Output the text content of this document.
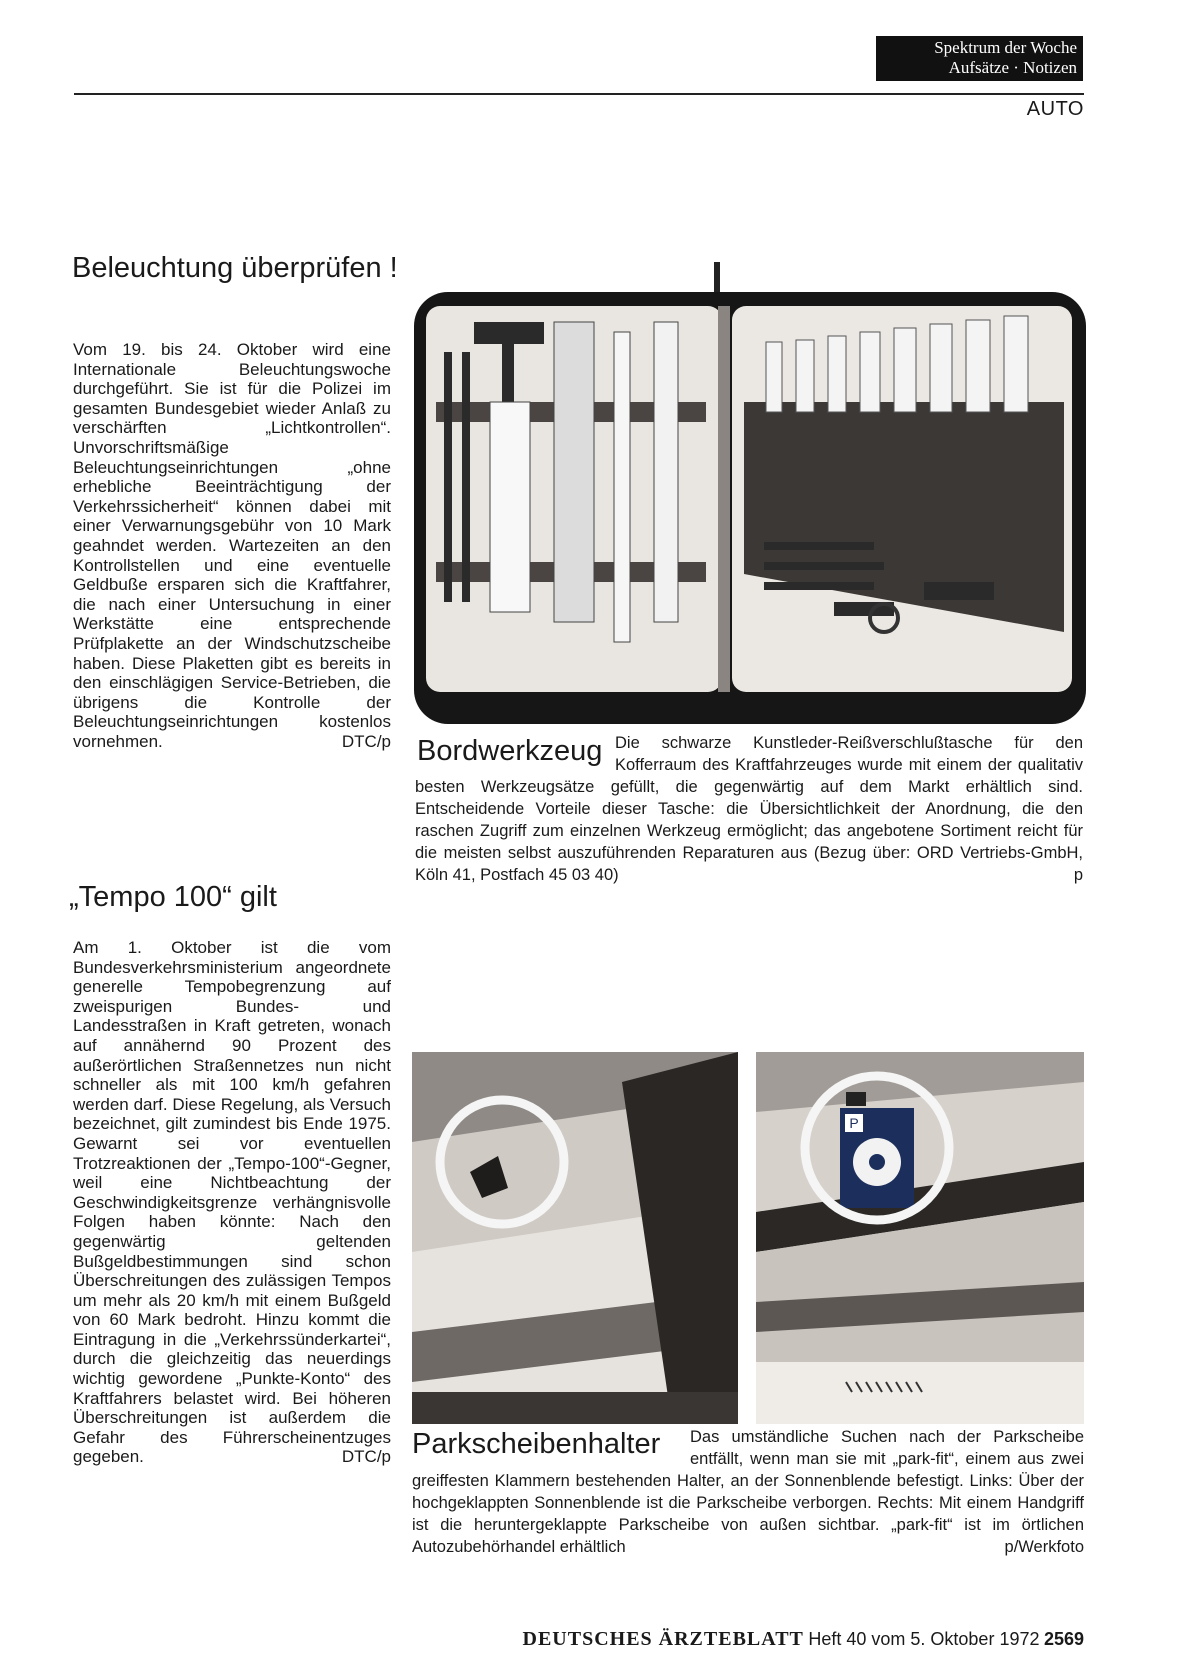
Spektrum der Woche
Aufsätze · Notizen
AUTO
Beleuchtung überprüfen !
Vom 19. bis 24. Oktober wird eine Internationale Beleuchtungswoche durchgeführt. Sie ist für die Polizei im gesamten Bundesgebiet wieder Anlaß zu verschärften „Lichtkontrollen“. Unvorschriftsmäßige Beleuchtungseinrichtungen „ohne erhebliche Beeinträchtigung der Verkehrssicherheit“ können dabei mit einer Verwarnungsgebühr von 10 Mark geahndet werden. Wartezeiten an den Kontrollstellen und eine eventuelle Geldbuße ersparen sich die Kraftfahrer, die nach einer Untersuchung in einer Werkstätte eine entsprechende Prüfplakette an der Windschutzscheibe haben. Diese Plaketten gibt es bereits in den einschlägigen Service-Betrieben, die übrigens die Kontrolle der Beleuchtungseinrichtungen kostenlos vornehmen.	DTC/p
„Tempo 100“ gilt
Am 1. Oktober ist die vom Bundesverkehrsministerium angeordnete generelle Tempobegrenzung auf zweispurigen Bundes- und Landesstraßen in Kraft getreten, wonach auf annähernd 90 Prozent des außerörtlichen Straßennetzes nun nicht schneller als mit 100 km/h gefahren werden darf. Diese Regelung, als Versuch bezeichnet, gilt zumindest bis Ende 1975. Gewarnt sei vor eventuellen Trotzreaktionen der „Tempo-100“-Gegner, weil eine Nichtbeachtung der Geschwindigkeitsgrenze verhängnisvolle Folgen haben könnte: Nach den gegenwärtig geltenden Bußgeldbestimmungen sind schon Überschreitungen des zulässigen Tempos um mehr als 20 km/h mit einem Bußgeld von 60 Mark bedroht. Hinzu kommt die Eintragung in die „Verkehrssünderkartei“, durch die gleichzeitig das neuerdings wichtig gewordene „Punkte-Konto“ des Kraftfahrers belastet wird. Bei höheren Überschreitungen ist außerdem die Gefahr des Führerscheinentzuges gegeben.	DTC/p
Die schwarze Kunstleder-Reißverschlußtasche für den Kofferraum des Kraftfahrzeuges wurde mit einem der qualitativ besten Werkzeugsätze gefüllt, die gegenwärtig auf dem Markt erhältlich sind. Entscheidende Vorteile dieser Tasche: die Übersichtlichkeit der Anordnung, die den raschen Zugriff zum einzelnen Werkzeug ermöglicht; das angebotene Sortiment reicht für die meisten selbst auszuführenden Reparaturen aus (Bezug über: ORD Vertriebs-GmbH, Köln 41, Postfach 45 03 40)	p
Bordwerkzeug
P
Das umständliche Suchen nach der Parkscheibe entfällt, wenn man sie mit „park-fit“, einem aus zwei greiffesten Klammern bestehenden Halter, an der Sonnenblende befestigt. Links: Über der hochgeklappten Sonnenblende ist die Parkscheibe verborgen. Rechts: Mit einem Handgriff ist die heruntergeklappte Parkscheibe von außen sichtbar. „park-fit“ ist im örtlichen Autozubehörhandel erhältlich	p/Werkfoto
Parkscheibenhalter
DEUTSCHES ÄRZTEBLATT Heft 40 vom 5. Oktober 1972 2569
